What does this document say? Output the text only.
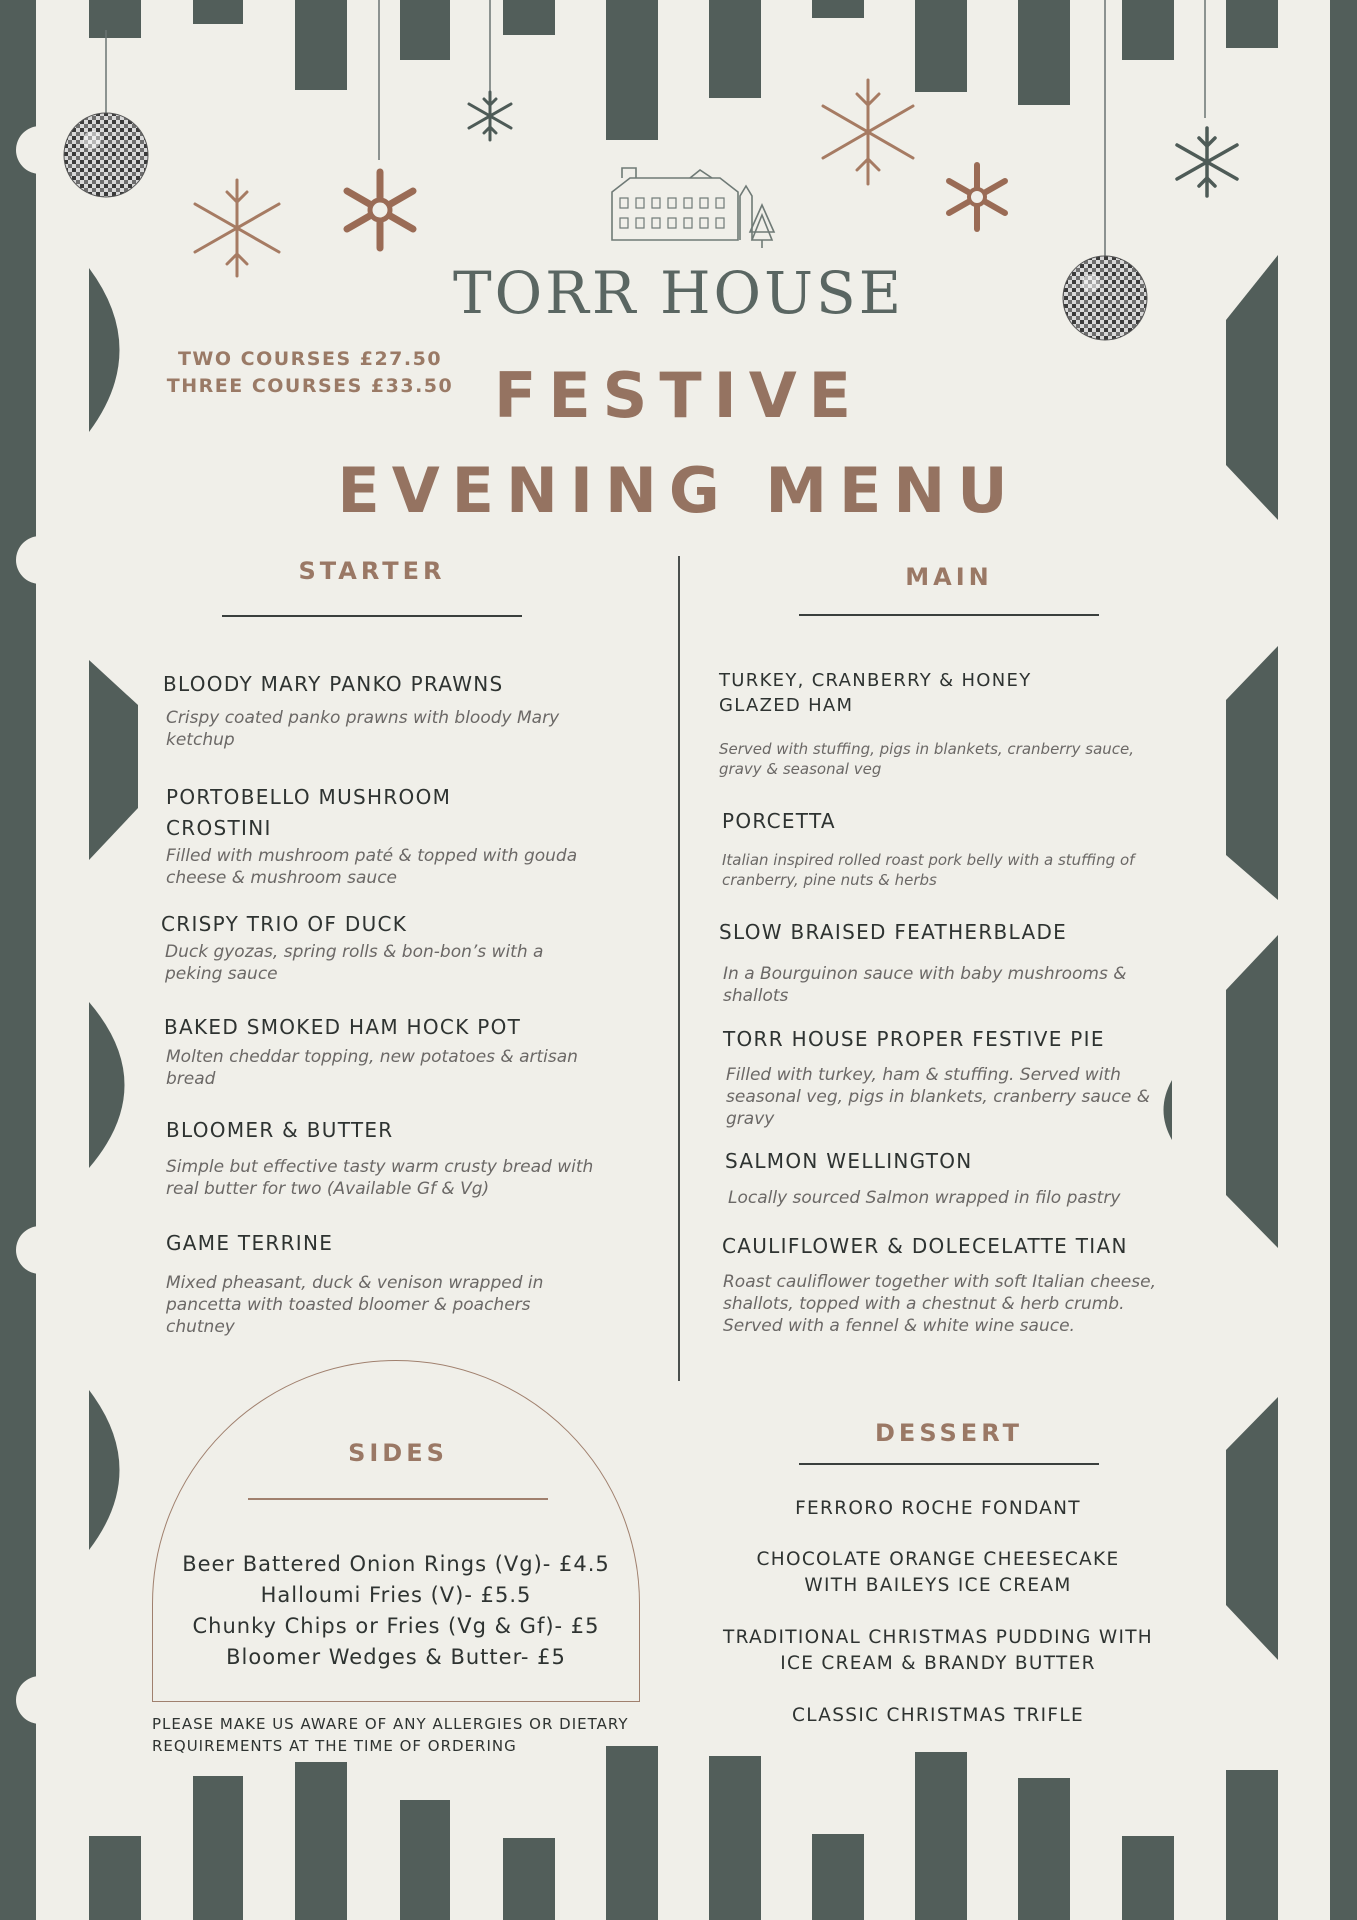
TORR HOUSE
TWO COURSES £27.50
THREE COURSES £33.50 FESTIVE
EVENING MENU
STARTER
BLOODY MARY PANKO PRAWNS
Crispy coated panko prawns with bloody Mary ketchup
PORTOBELLO MUSHROOM CROSTINI
Filled with mushroom paté & topped with gouda cheese & mushroom sauce
CRISPY TRIO OF DUCK
Duck gyozas, spring rolls & bon-bon’s with a peking sauce
BAKED SMOKED HAM HOCK POT
Molten cheddar topping, new potatoes & artisan bread
BLOOMER & BUTTER
Simple but effective tasty warm crusty bread with real butter for two (Available Gf & Vg)
GAME TERRINE
Mixed pheasant, duck & venison wrapped in pancetta with toasted bloomer & poachers chutney
MAIN
TURKEY, CRANBERRY & HONEY GLAZED HAM
Served with stuffing, pigs in blankets, cranberry sauce, gravy & seasonal veg
PORCETTA
Italian inspired rolled roast pork belly with a stuffing of cranberry, pine nuts & herbs
SLOW BRAISED FEATHERBLADE
In a Bourguinon sauce with baby mushrooms & shallots
TORR HOUSE PROPER FESTIVE PIE
Filled with turkey, ham & stuffing. Served with seasonal veg, pigs in blankets, cranberry sauce & gravy
SALMON WELLINGTON
Locally sourced Salmon wrapped in filo pastry
CAULIFLOWER & DOLECELATTE TIAN
Roast cauliflower together with soft Italian cheese, shallots, topped with a chestnut & herb crumb. Served with a fennel & white wine sauce.
SIDES
Beer Battered Onion Rings (Vg)- £4.5
Halloumi Fries (V)- £5.5
Chunky Chips or Fries (Vg & Gf)- £5
Bloomer Wedges & Butter- £5
PLEASE MAKE US AWARE OF ANY ALLERGIES OR DIETARY REQUIREMENTS AT THE TIME OF ORDERING
DESSERT
FERRORO ROCHE FONDANT
CHOCOLATE ORANGE CHEESECAKE WITH BAILEYS ICE CREAM
TRADITIONAL CHRISTMAS PUDDING WITH ICE CREAM & BRANDY BUTTER
CLASSIC CHRISTMAS TRIFLE
